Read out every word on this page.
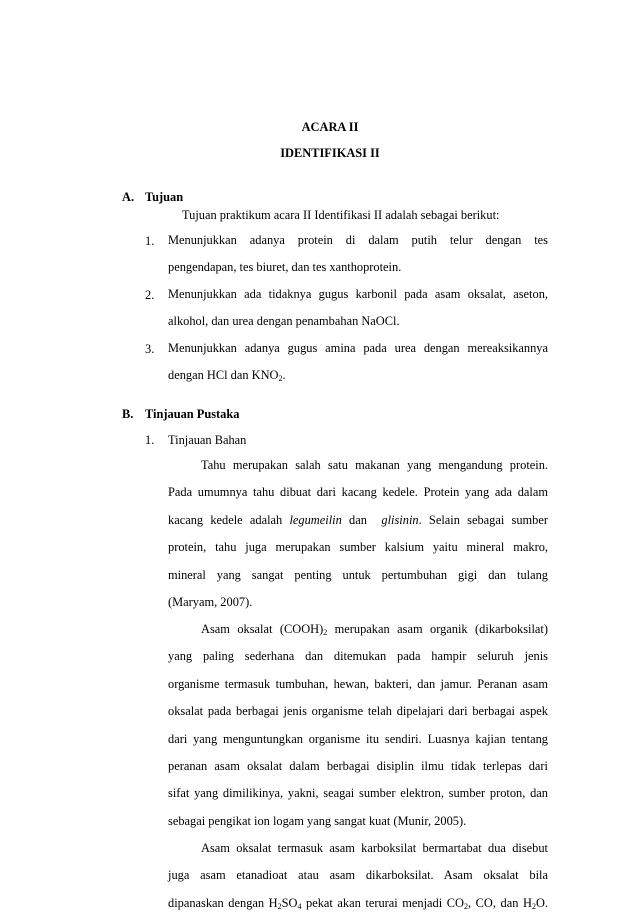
ACARA II
IDENTIFIKASI II
A. Tujuan
Tujuan praktikum acara II Identifikasi II adalah sebagai berikut:
1. Menunjukkan adanya protein di dalam putih telur dengan tes
pengendapan, tes biuret, dan tes xanthoprotein.
2. Menunjukkan ada tidaknya gugus karbonil pada asam oksalat, aseton,
alkohol, dan urea dengan penambahan NaOCl.
3. Menunjukkan adanya gugus amina pada urea dengan mereaksikannya
dengan HCl dan $KNO_2$.
B. Tinjauan Pustaka
1. Tinjauan Bahan
Tahu merupakan salah satu makanan yang mengandung protein.
Pada umumnya tahu dibuat dari kacang kedele. Protein yang ada dalam
kacang kedele adalah legumeilin dan glisinin. Selain sebagai sumber
protein, tahu juga merupakan sumber kalsium yaitu mineral makro,
mineral yang sangat penting untuk pertumbuhan gigi dan tulang
(Maryam, 2007).
Asam oksalat $(COOH)_2$ merupakan asam organik (dikarboksilat)
yang paling sederhana dan ditemukan pada hampir seluruh jenis
organisme termasuk tumbuhan, hewan, bakteri, dan jamur. Peranan asam
oksalat pada berbagai jenis organisme telah dipelajari dari berbagai aspek
dari yang menguntungkan organisme itu sendiri. Luasnya kajian tentang
peranan asam oksalat dalam berbagai disiplin ilmu tidak terlepas dari
sifat yang dimilikinya, yakni, seagai sumber elektron, sumber proton, dan
sebagai pengikat ion logam yang sangat kuat (Munir, 2005).
Asam oksalat termasuk asam karboksilat bermartabat dua disebut
juga asam etanadioat atau asam dikarboksilat. Asam oksalat bila
dipanaskan dengan $H_2SO_4$ pekat akan terurai menjadi $CO_2$, CO, dan $H_2O$.
